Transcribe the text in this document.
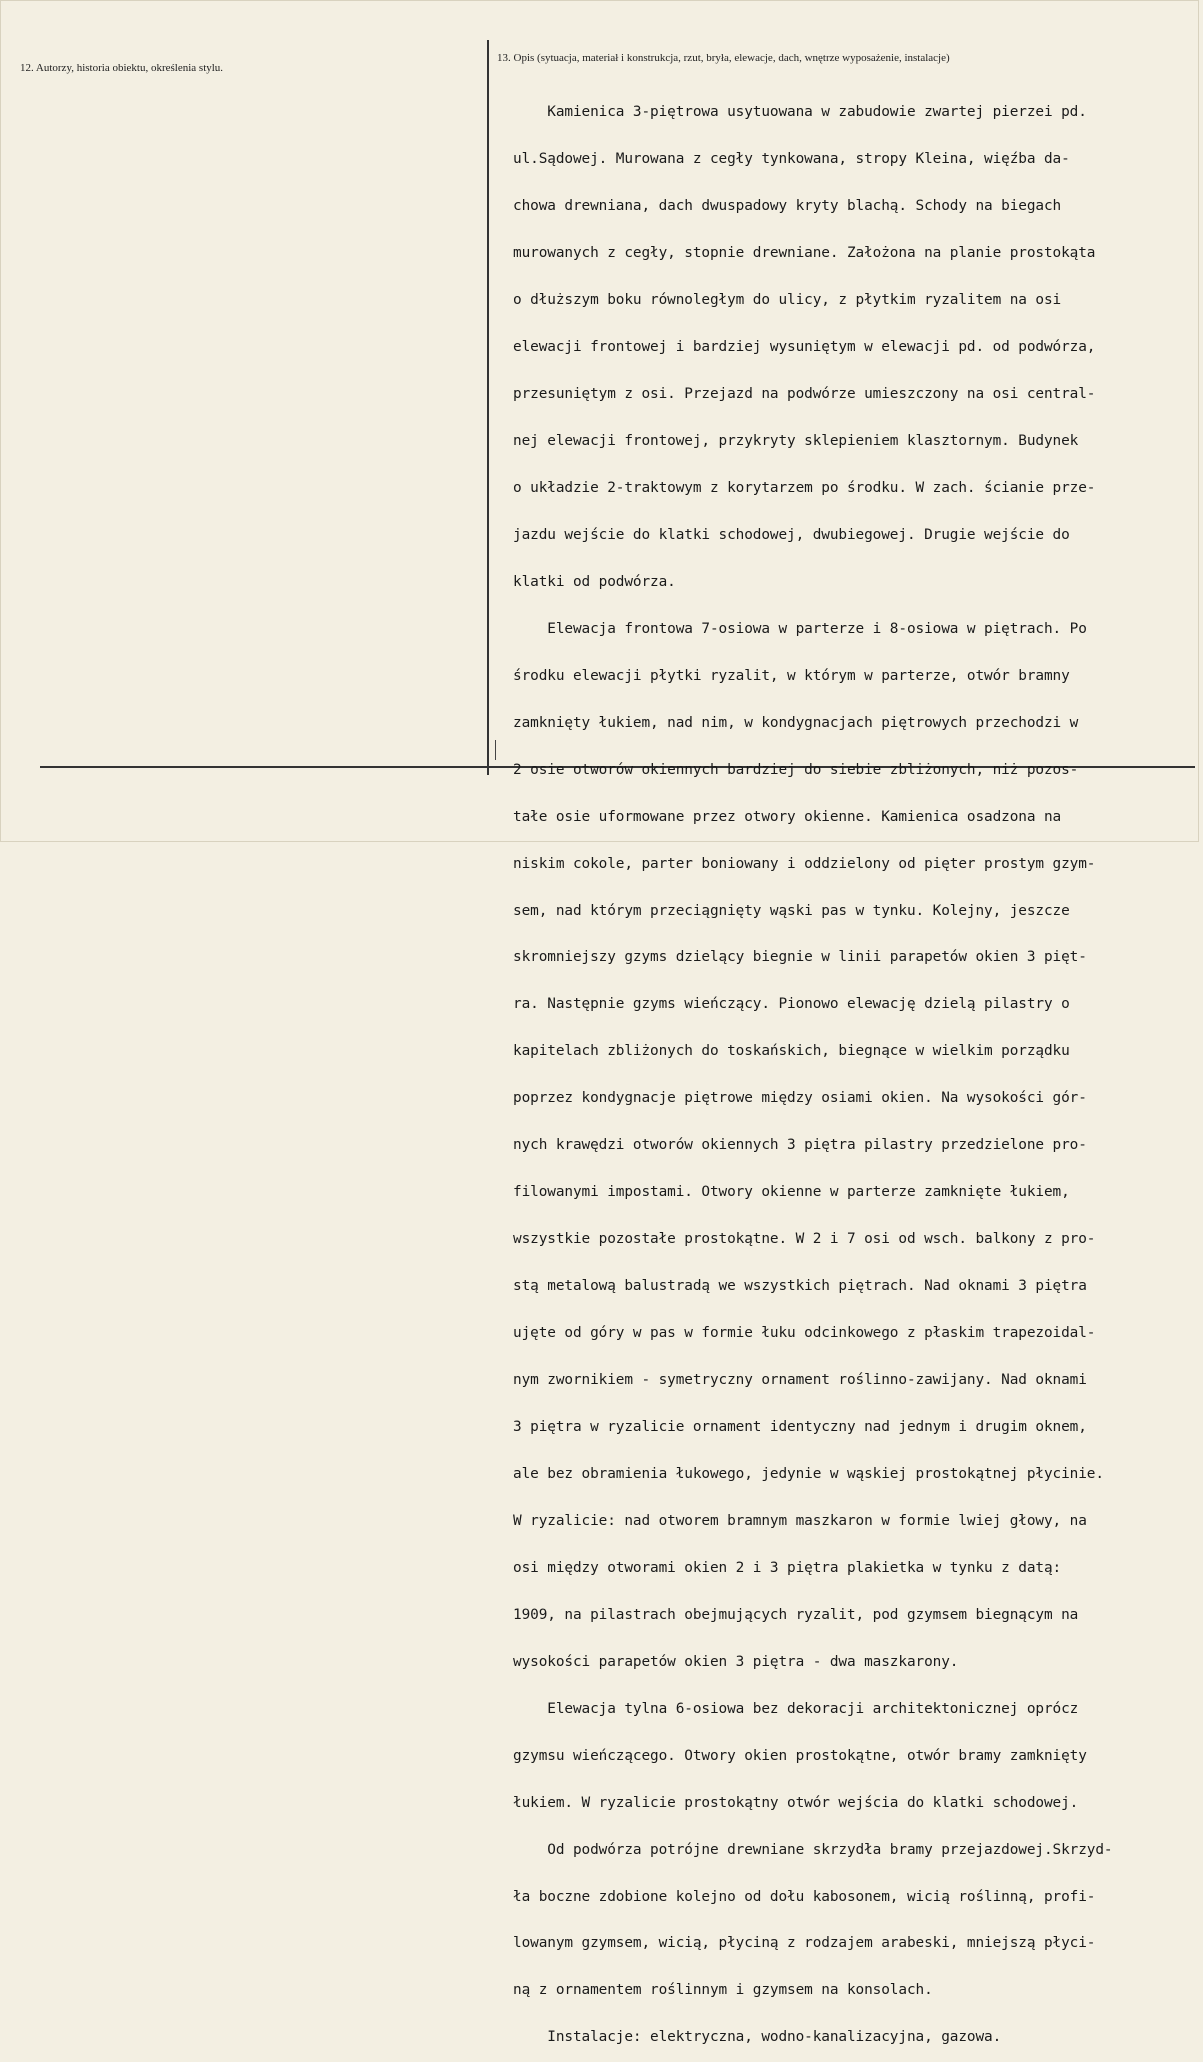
12. Autorzy, historia obiektu, określenia stylu.
13. Opis (sytuacja, materiał i konstrukcja, rzut, bryła, elewacje, dach, wnętrze wyposażenie, instalacje)

Kamienica 3-piętrowa usytuowana w zabudowie zwartej pierzei pd.

ul.Sądowej. Murowana z cegły tynkowana, stropy Kleina, więźba da-

chowa drewniana, dach dwuspadowy kryty blachą. Schody na biegach

murowanych z cegły, stopnie drewniane. Założona na planie prostokąta

o dłuższym boku równoległym do ulicy, z płytkim ryzalitem na osi

elewacji frontowej i bardziej wysuniętym w elewacji pd. od podwórza,

przesuniętym z osi. Przejazd na podwórze umieszczony na osi central-

nej elewacji frontowej, przykryty sklepieniem klasztornym. Budynek

o układzie 2-traktowym z korytarzem po środku. W zach. ścianie prze-

jazdu wejście do klatki schodowej, dwubiegowej. Drugie wejście do

klatki od podwórza.

Elewacja frontowa 7-osiowa w parterze i 8-osiowa w piętrach. Po

środku elewacji płytki ryzalit, w którym w parterze, otwór bramny

zamknięty łukiem, nad nim, w kondygnacjach piętrowych przechodzi w

2 osie otworów okiennych bardziej do siebie zbliżonych, niż pozos-

tałe osie uformowane przez otwory okienne. Kamienica osadzona na

niskim cokole, parter boniowany i oddzielony od pięter prostym gzym-

sem, nad którym przeciągnięty wąski pas w tynku. Kolejny, jeszcze

skromniejszy gzyms dzielący biegnie w linii parapetów okien 3 pięt-

ra. Następnie gzyms wieńczący. Pionowo elewację dzielą pilastry o

kapitelach zbliżonych do toskańskich, biegnące w wielkim porządku

poprzez kondygnacje piętrowe między osiami okien. Na wysokości gór-

nych krawędzi otworów okiennych 3 piętra pilastry przedzielone pro-

filowanymi impostami. Otwory okienne w parterze zamknięte łukiem,

wszystkie pozostałe prostokątne. W 2 i 7 osi od wsch. balkony z pro-

stą metalową balustradą we wszystkich piętrach. Nad oknami 3 piętra

ujęte od góry w pas w formie łuku odcinkowego z płaskim trapezoidal-

nym zwornikiem - symetryczny ornament roślinno-zawijany. Nad oknami

3 piętra w ryzalicie ornament identyczny nad jednym i drugim oknem,

ale bez obramienia łukowego, jedynie w wąskiej prostokątnej płycinie.

W ryzalicie: nad otworem bramnym maszkaron w formie lwiej głowy, na

osi między otworami okien 2 i 3 piętra plakietka w tynku z datą:

1909, na pilastrach obejmujących ryzalit, pod gzymsem biegnącym na

wysokości parapetów okien 3 piętra - dwa maszkarony.

Elewacja tylna 6-osiowa bez dekoracji architektonicznej oprócz

gzymsu wieńczącego. Otwory okien prostokątne, otwór bramy zamknięty

łukiem. W ryzalicie prostokątny otwór wejścia do klatki schodowej.

Od podwórza potrójne drewniane skrzydła bramy przejazdowej.Skrzyd-

ła boczne zdobione kolejno od dołu kabosonem, wicią roślinną, profi-

lowanym gzymsem, wicią, płyciną z rodzajem arabeski, mniejszą płyci-

ną z ornamentem roślinnym i gzymsem na konsolach.

Instalacje: elektryczna, wodno-kanalizacyjna, gazowa.
